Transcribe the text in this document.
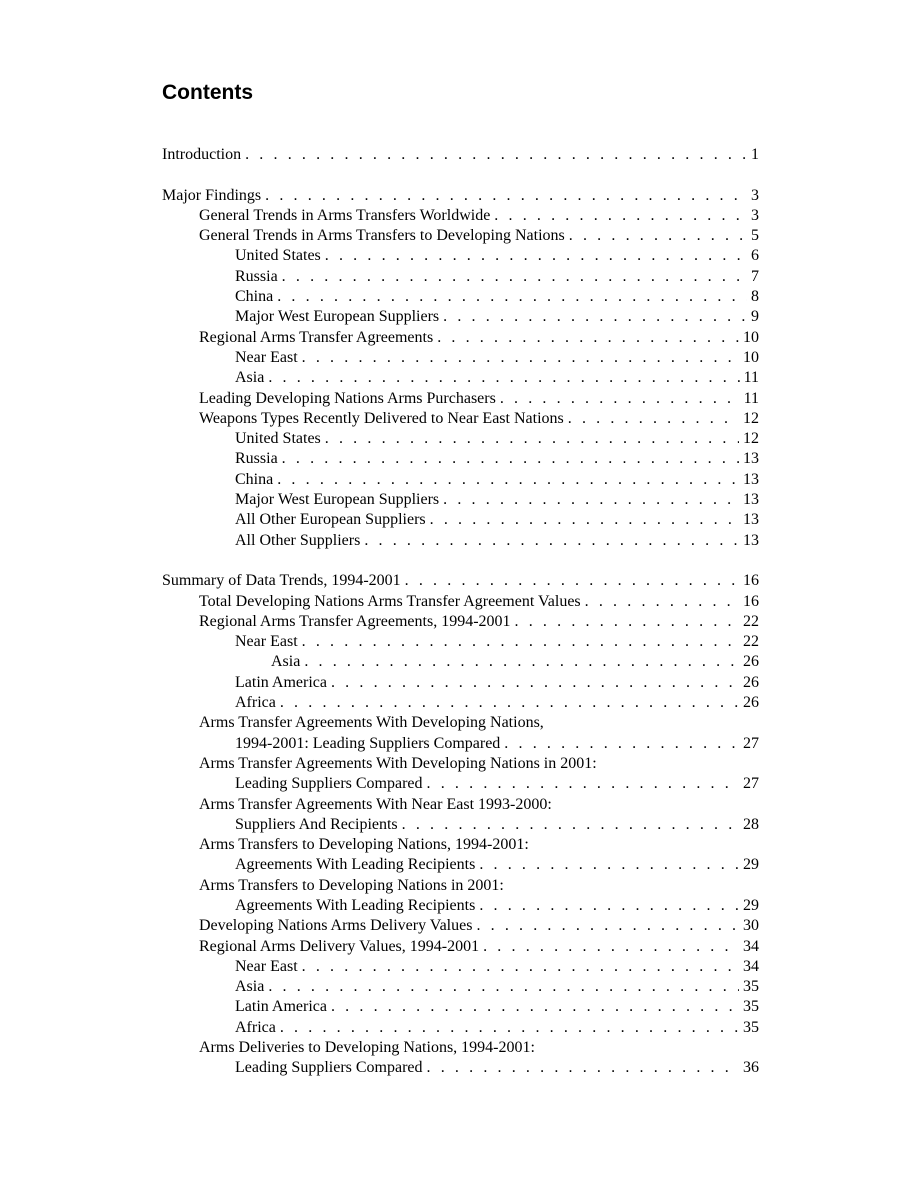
Contents
Introduction . . .	1
Major Findings . . .	3
General Trends in Arms Transfers Worldwide . . .	3
General Trends in Arms Transfers to Developing Nations . . .	5
United States . . .	6
Russia . . .	7
China . . .	8
Major West European Suppliers . . .	9
Regional Arms Transfer Agreements . . .	10
Near East . . .	10
Asia . . .	11
Leading Developing Nations Arms Purchasers . . .	11
Weapons Types Recently Delivered to Near East Nations . . .	12
United States . . .	12
Russia . . .	13
China . . .	13
Major West European Suppliers . . .	13
All Other European Suppliers . . .	13
All Other Suppliers . . .	13
Summary of Data Trends, 1994-2001 . . .	16
Total Developing Nations Arms Transfer Agreement Values . . .	16
Regional Arms Transfer Agreements, 1994-2001 . . .	22
Near East . . .	22
Asia . . .	26
Latin America . . .	26
Africa . . .	26
Arms Transfer Agreements With Developing Nations,
1994-2001: Leading Suppliers Compared . . .	27
Arms Transfer Agreements With Developing Nations in 2001:
Leading Suppliers Compared . . .	27
Arms Transfer Agreements With Near East 1993-2000:
Suppliers And Recipients . . .	28
Arms Transfers to Developing Nations, 1994-2001:
Agreements With Leading Recipients . . .	29
Arms Transfers to Developing Nations in 2001:
Agreements With Leading Recipients . . .	29
Developing Nations Arms Delivery Values . . .	30
Regional Arms Delivery Values, 1994-2001 . . .	34
Near East . . .	34
Asia . . .	35
Latin America . . .	35
Africa . . .	35
Arms Deliveries to Developing Nations, 1994-2001:
Leading Suppliers Compared . . .	36
